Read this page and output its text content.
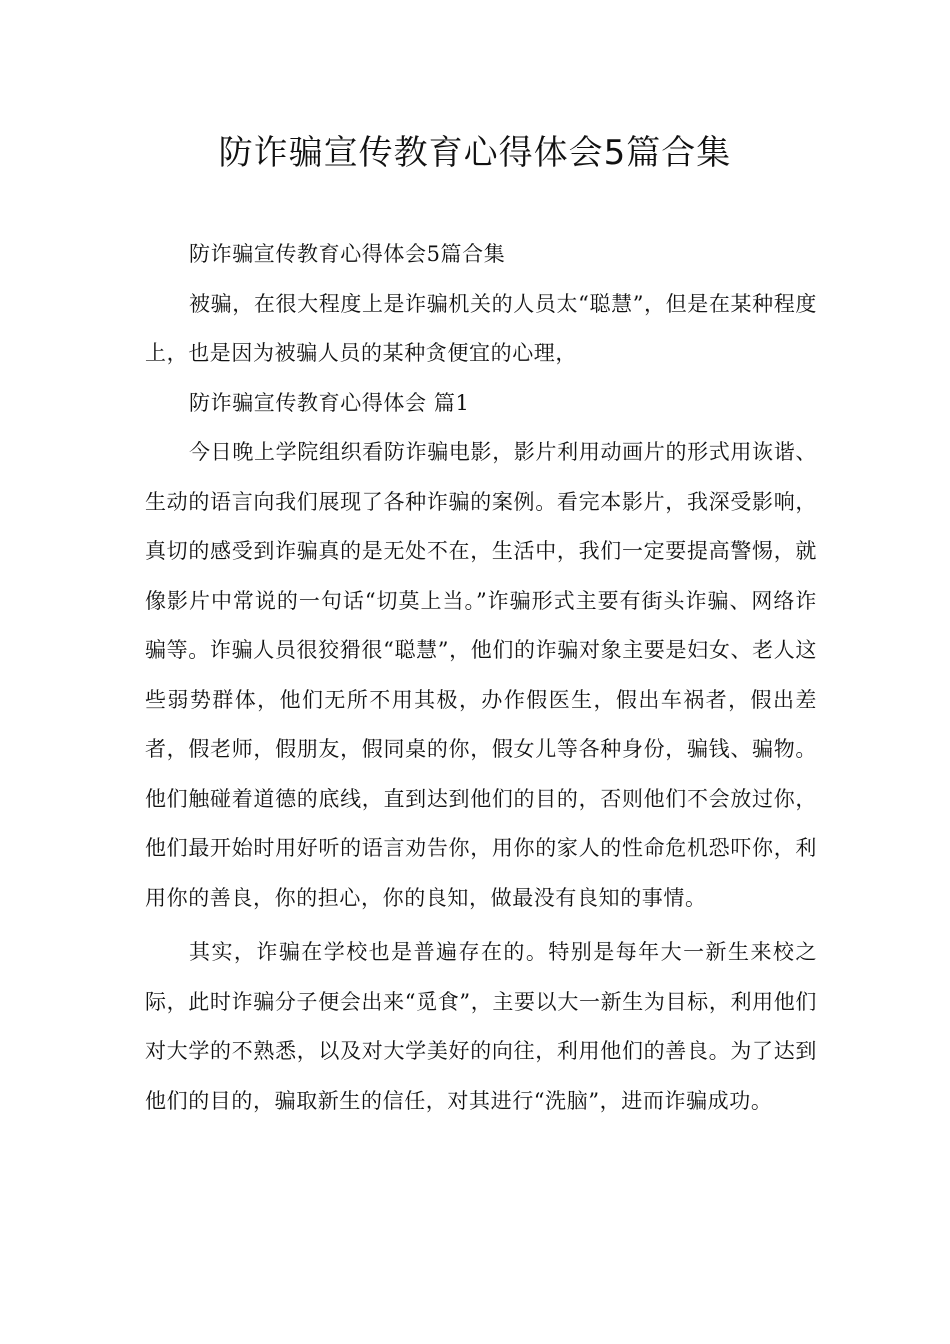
防诈骗宣传教育心得体会5篇合集

防诈骗宣传教育心得体会5篇合集

被骗，在很大程度上是诈骗机关的人员太“聪慧”，但是在某种程度上，也是因为被骗人员的某种贪便宜的心理，

防诈骗宣传教育心得体会 篇1

今日晚上学院组织看防诈骗电影，影片利用动画片的形式用诙谐、生动的语言向我们展现了各种诈骗的案例。看完本影片，我深受影响，真切的感受到诈骗真的是无处不在，生活中，我们一定要提高警惕，就像影片中常说的一句话“切莫上当。”诈骗形式主要有街头诈骗、网络诈骗等。诈骗人员很狡猾很“聪慧”，他们的诈骗对象主要是妇女、老人这些弱势群体，他们无所不用其极，办作假医生，假出车祸者，假出差者，假老师，假朋友，假同桌的你，假女儿等各种身份，骗钱、骗物。他们触碰着道德的底线，直到达到他们的目的，否则他们不会放过你，他们最开始时用好听的语言劝告你，用你的家人的性命危机恐吓你，利用你的善良，你的担心，你的良知，做最没有良知的事情。

其实，诈骗在学校也是普遍存在的。特别是每年大一新生来校之际，此时诈骗分子便会出来“觅食”，主要以大一新生为目标，利用他们对大学的不熟悉，以及对大学美好的向往，利用他们的善良。为了达到他们的目的，骗取新生的信任，对其进行“洗脑”，进而诈骗成功。
